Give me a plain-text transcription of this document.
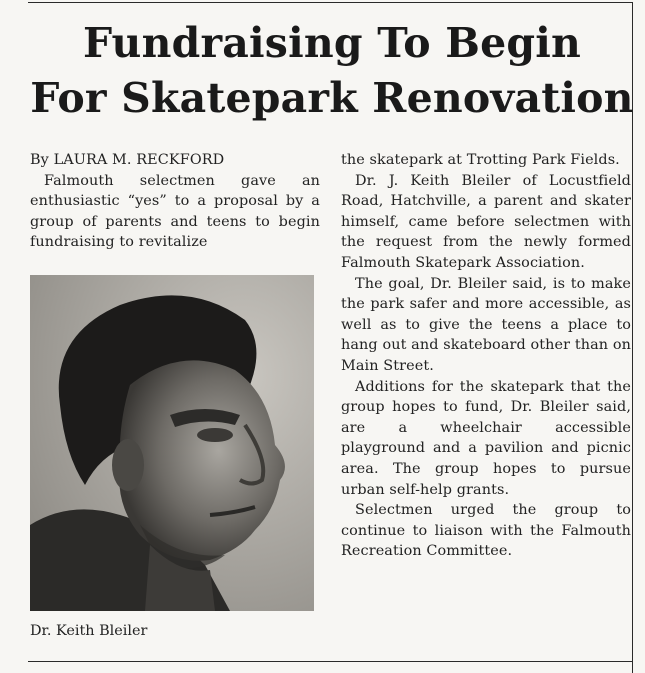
Fundraising To Begin
For Skatepark Renovation

By LAURA M. RECKFORD

Falmouth selectmen gave an enthusiastic “yes” to a proposal by a group of parents and teens to begin fundraising to revitalize

Dr. Keith Bleiler

the skatepark at Trotting Park Fields.

Dr. J. Keith Bleiler of Locustfield Road, Hatchville, a parent and skater himself, came before selectmen with the request from the newly formed Falmouth Skatepark Association.

The goal, Dr. Bleiler said, is to make the park safer and more accessible, as well as to give the teens a place to hang out and skateboard other than on Main Street.

Additions for the skatepark that the group hopes to fund, Dr. Bleiler said, are a wheelchair accessible playground and a pavilion and picnic area. The group hopes to pursue urban self-help grants.

Selectmen urged the group to continue to liaison with the Falmouth Recreation Committee.
